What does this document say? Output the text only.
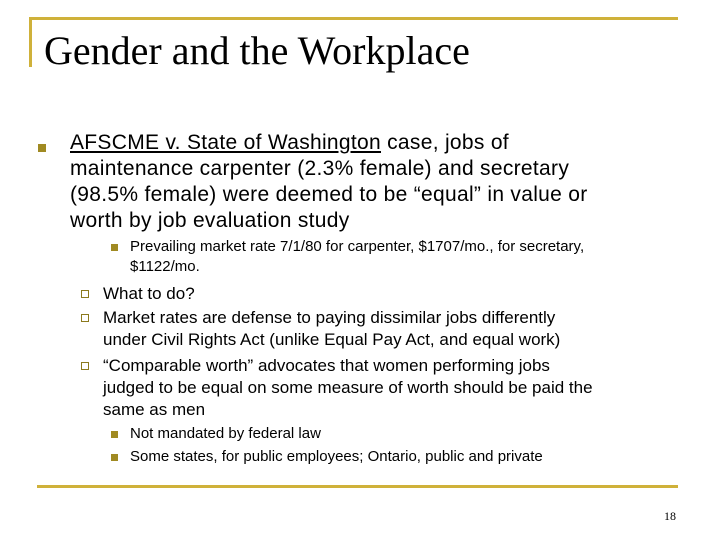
Gender and the Workplace
AFSCME v. State of Washington case, jobs of
maintenance carpenter (2.3% female) and secretary
(98.5% female) were deemed to be “equal” in value or
worth by job evaluation study
Prevailing market rate 7/1/80 for carpenter, $1707/mo., for secretary,
$1122/mo.
What to do?
Market rates are defense to paying dissimilar jobs differently
under Civil Rights Act (unlike Equal Pay Act, and equal work)
“Comparable worth” advocates that women performing jobs
judged to be equal on some measure of worth should be paid the
same as men
Not mandated by federal law
Some states, for public employees; Ontario, public and private
18
